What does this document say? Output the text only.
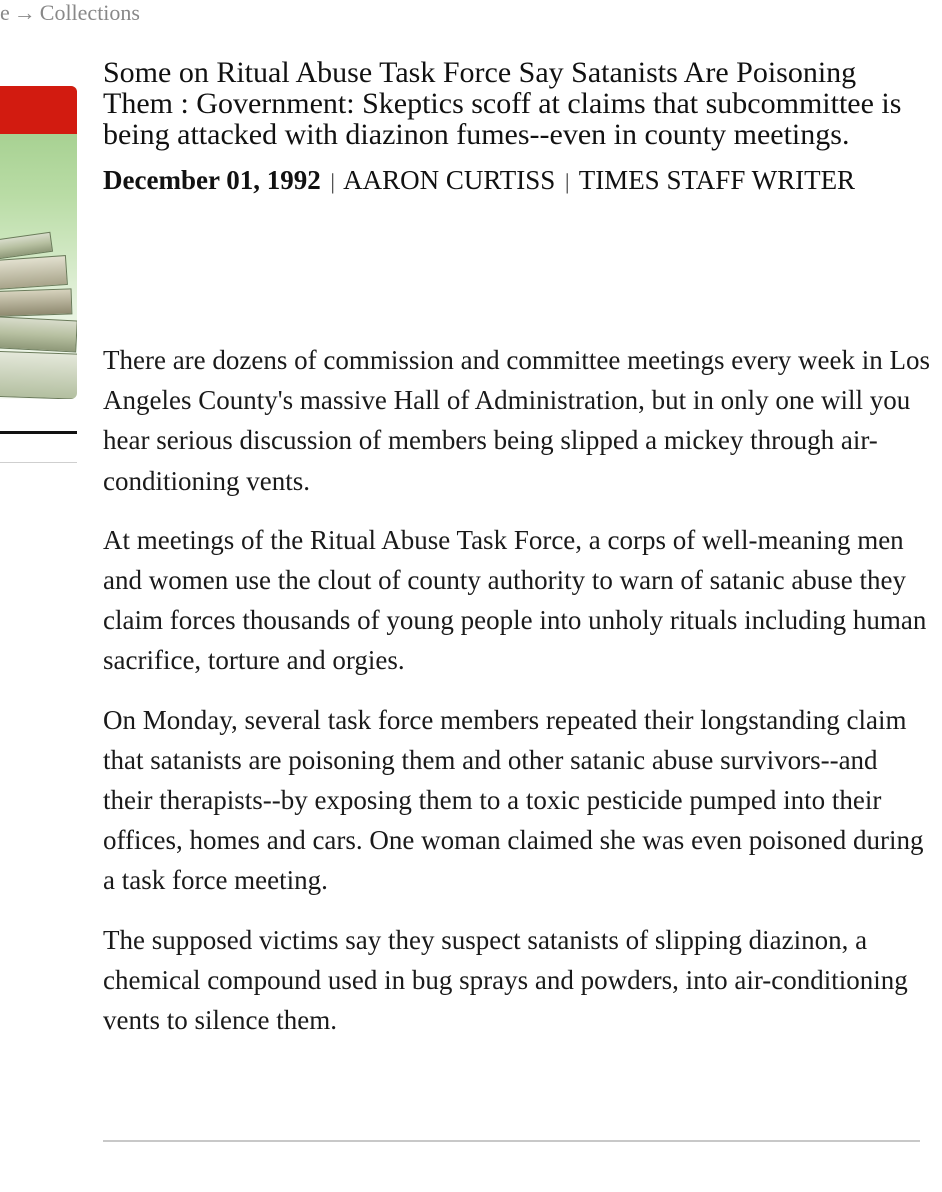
e → Collections
Some on Ritual Abuse Task Force Say Satanists Are Poisoning Them : Government: Skeptics scoff at claims that subcommittee is being attacked with diazinon fumes--even in county meetings.
December 01, 1992 | AARON CURTISS | TIMES STAFF WRITER

There are dozens of commission and committee meetings every week in Los Angeles County's massive Hall of Administration, but in only one will you hear serious discussion of members being slipped a mickey through air-conditioning vents.

At meetings of the Ritual Abuse Task Force, a corps of well-meaning men and women use the clout of county authority to warn of satanic abuse they claim forces thousands of young people into unholy rituals including human sacrifice, torture and orgies.

On Monday, several task force members repeated their longstanding claim that satanists are poisoning them and other satanic abuse survivors--and their therapists--by exposing them to a toxic pesticide pumped into their offices, homes and cars. One woman claimed she was even poisoned during a task force meeting.

The supposed victims say they suspect satanists of slipping diazinon, a chemical compound used in bug sprays and powders, into air-conditioning vents to silence them.
